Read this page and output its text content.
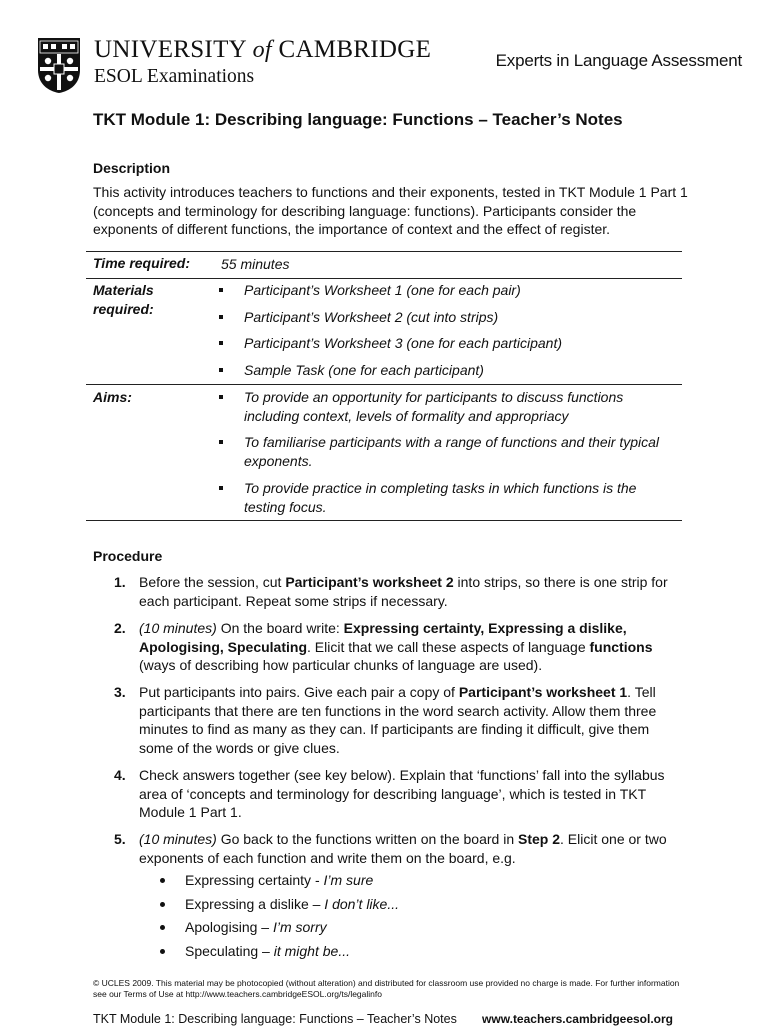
UNIVERSITY of CAMBRIDGE
ESOL Examinations
Experts in Language Assessment
TKT Module 1: Describing language: Functions – Teacher’s Notes
Description
This activity introduces teachers to functions and their exponents, tested in TKT Module 1 Part 1 (concepts and terminology for describing language: functions). Participants consider the exponents of different functions, the importance of context and the effect of register.
Time required: 55 minutes
Materials
required:
Participant’s Worksheet 1 (one for each pair)
Participant’s Worksheet 2 (cut into strips)
Participant’s Worksheet 3 (one for each participant)
Sample Task (one for each participant)
Aims:	To provide an opportunity for participants to discuss functions including context, levels of formality and appropriacy
To familiarise participants with a range of functions and their typical exponents.
To provide practice in completing tasks in which functions is the testing focus.
Procedure
1. Before the session, cut Participant’s worksheet 2 into strips, so there is one strip for each participant. Repeat some strips if necessary.
2. (10 minutes) On the board write: Expressing certainty, Expressing a dislike, Apologising, Speculating. Elicit that we call these aspects of language functions (ways of describing how particular chunks of language are used).
3. Put participants into pairs. Give each pair a copy of Participant’s worksheet 1. Tell participants that there are ten functions in the word search activity. Allow them three minutes to find as many as they can. If participants are finding it difficult, give them some of the words or give clues.
4. Check answers together (see key below). Explain that ‘functions’ fall into the syllabus area of ‘concepts and terminology for describing language’, which is tested in TKT Module 1 Part 1.
5. (10 minutes) Go back to the functions written on the board in Step 2. Elicit one or two exponents of each function and write them on the board, e.g.
Expressing certainty - I’m sure
Expressing a dislike – I don’t like...
Apologising – I’m sorry
Speculating – it might be...
© UCLES 2009. This material may be photocopied (without alteration) and distributed for classroom use provided no charge is made. For further information see our Terms of Use at http://www.teachers.cambridgeESOL.org/ts/legalinfo
TKT Module 1: Describing language: Functions – Teacher’s Notes www.teachers.cambridgeesol.org
